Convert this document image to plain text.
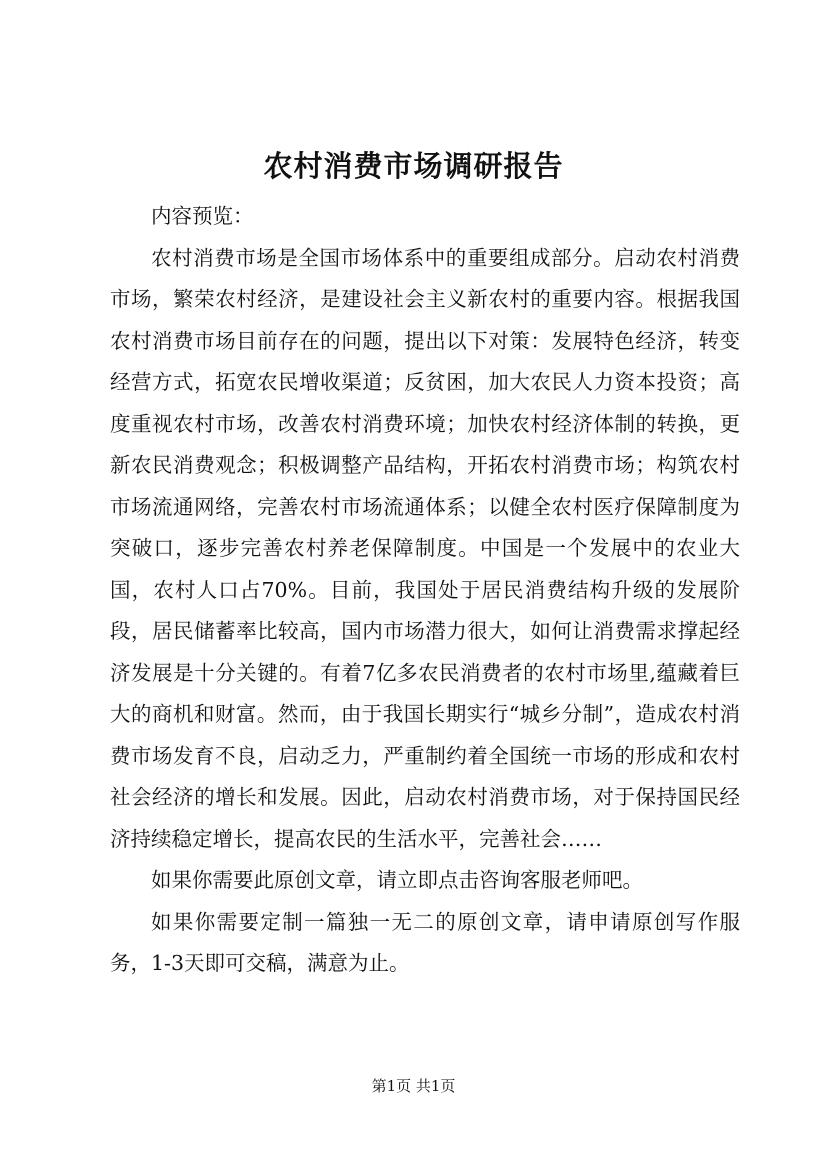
农村消费市场调研报告

内容预览：

农村消费市场是全国市场体系中的重要组成部分。启动农村消费市场，繁荣农村经济，是建设社会主义新农村的重要内容。根据我国农村消费市场目前存在的问题，提出以下对策：发展特色经济，转变经营方式，拓宽农民增收渠道；反贫困，加大农民人力资本投资；高度重视农村市场，改善农村消费环境；加快农村经济体制的转换，更新农民消费观念；积极调整产品结构，开拓农村消费市场；构筑农村市场流通网络，完善农村市场流通体系；以健全农村医疗保障制度为突破口，逐步完善农村养老保障制度。中国是一个发展中的农业大国，农村人口占70%。目前，我国处于居民消费结构升级的发展阶段，居民储蓄率比较高，国内市场潜力很大，如何让消费需求撑起经济发展是十分关键的。有着7亿多农民消费者的农村市场里,蕴藏着巨大的商机和财富。然而，由于我国长期实行“城乡分制”，造成农村消费市场发育不良，启动乏力，严重制约着全国统一市场的形成和农村社会经济的增长和发展。因此，启动农村消费市场，对于保持国民经济持续稳定增长，提高农民的生活水平，完善社会……

如果你需要此原创文章，请立即点击咨询客服老师吧。

如果你需要定制一篇独一无二的原创文章，请申请原创写作服务，1-3天即可交稿，满意为止。

第1页 共1页
